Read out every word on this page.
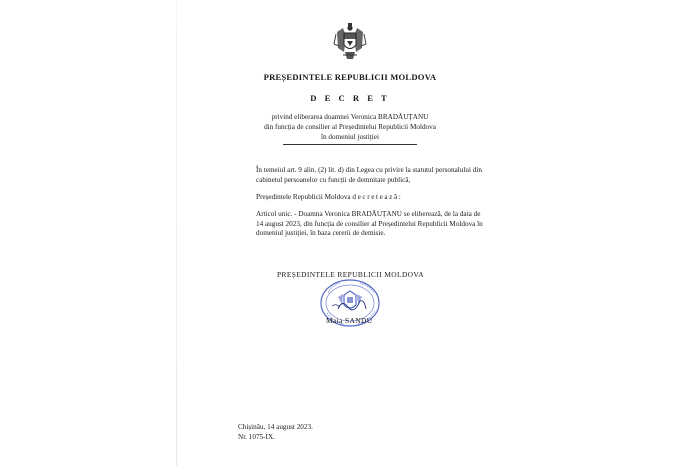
PREȘEDINTELE REPUBLICII MOLDOVA
D E C R E T
privind eliberarea doamnei Veronica BRADĂUȚANU
din funcția de consilier al Președintelui Republicii Moldova
în domeniul justiției
În temeiul art. 9 alin. (2) lit. d) din Legea cu privire la statutul personalului din cabinetul persoanelor cu funcții de demnitate publică,
Președintele Republicii Moldova decretează:
Articol unic. - Doamna Veronica BRADĂUȚANU se eliberează, de la data de 14 august 2023, din funcția de consilier al Președintelui Republicii Moldova în domeniul justiției, în baza cererii de demisie.
PREȘEDINTELE REPUBLICII MOLDOVA
Maia SANDU
Chișinău, 14 august 2023.
Nr. 1075-IX.
